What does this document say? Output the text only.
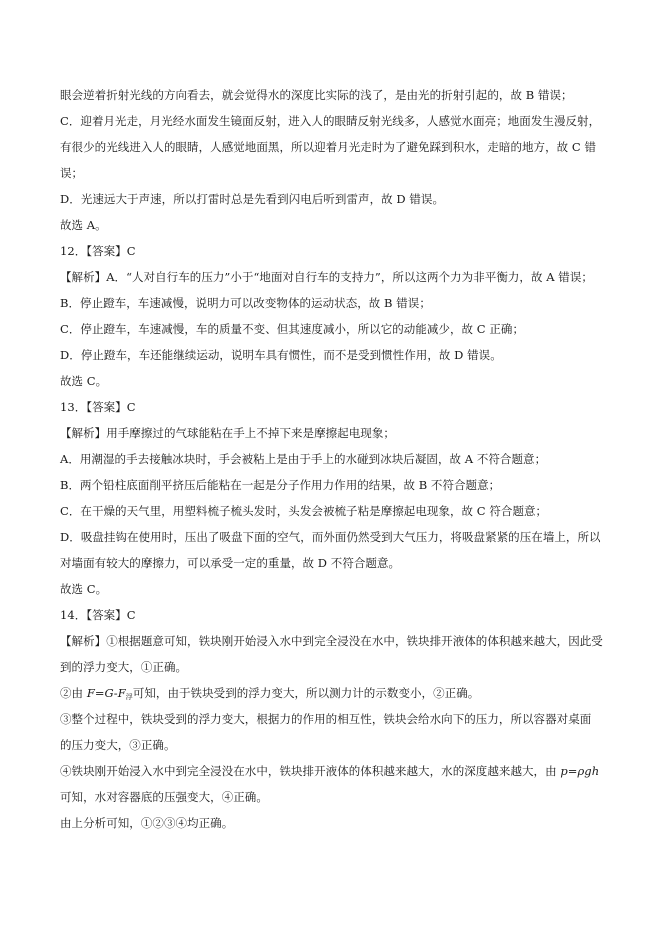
眼会逆着折射光线的方向看去，就会觉得水的深度比实际的浅了，是由光的折射引起的，故 B 错误；
C．迎着月光走，月光经水面发生镜面反射，进入人的眼睛反射光线多，人感觉水面亮；地面发生漫反射，
有很少的光线进入人的眼睛，人感觉地面黑，所以迎着月光走时为了避免踩到积水，走暗的地方，故 C 错
误；
D．光速远大于声速，所以打雷时总是先看到闪电后听到雷声，故 D 错误。
故选 A。
12．【答案】C
【解析】A．“人对自行车的压力”小于“地面对自行车的支持力”，所以这两个力为非平衡力，故 A 错误；
B．停止蹬车，车速减慢，说明力可以改变物体的运动状态，故 B 错误；
C．停止蹬车，车速减慢，车的质量不变、但其速度减小，所以它的动能减少，故 C 正确；
D．停止蹬车，车还能继续运动，说明车具有惯性，而不是受到惯性作用，故 D 错误。
故选 C。
13．【答案】C
【解析】用手摩擦过的气球能粘在手上不掉下来是摩擦起电现象；
A．用潮湿的手去接触冰块时，手会被粘上是由于手上的水碰到冰块后凝固，故 A 不符合题意；
B．两个铅柱底面削平挤压后能粘在一起是分子作用力作用的结果，故 B 不符合题意；
C．在干燥的天气里，用塑料梳子梳头发时，头发会被梳子粘是摩擦起电现象，故 C 符合题意；
D．吸盘挂钩在使用时，压出了吸盘下面的空气，而外面仍然受到大气压力，将吸盘紧紧的压在墙上，所以
对墙面有较大的摩擦力，可以承受一定的重量，故 D 不符合题意。
故选 C。
14．【答案】C
【解析】①根据题意可知，铁块刚开始浸入水中到完全浸没在水中，铁块排开液体的体积越来越大，因此受
到的浮力变大，①正确。
②由 $F=G-F_浮$可知，由于铁块受到的浮力变大，所以测力计的示数变小，②正确。
③整个过程中，铁块受到的浮力变大，根据力的作用的相互性，铁块会给水向下的压力，所以容器对桌面
的压力变大，③正确。
④铁块刚开始浸入水中到完全浸没在水中，铁块排开液体的体积越来越大，水的深度越来越大，由 p=ρgh
可知，水对容器底的压强变大，④正确。
由上分析可知，①②③④均正确。
